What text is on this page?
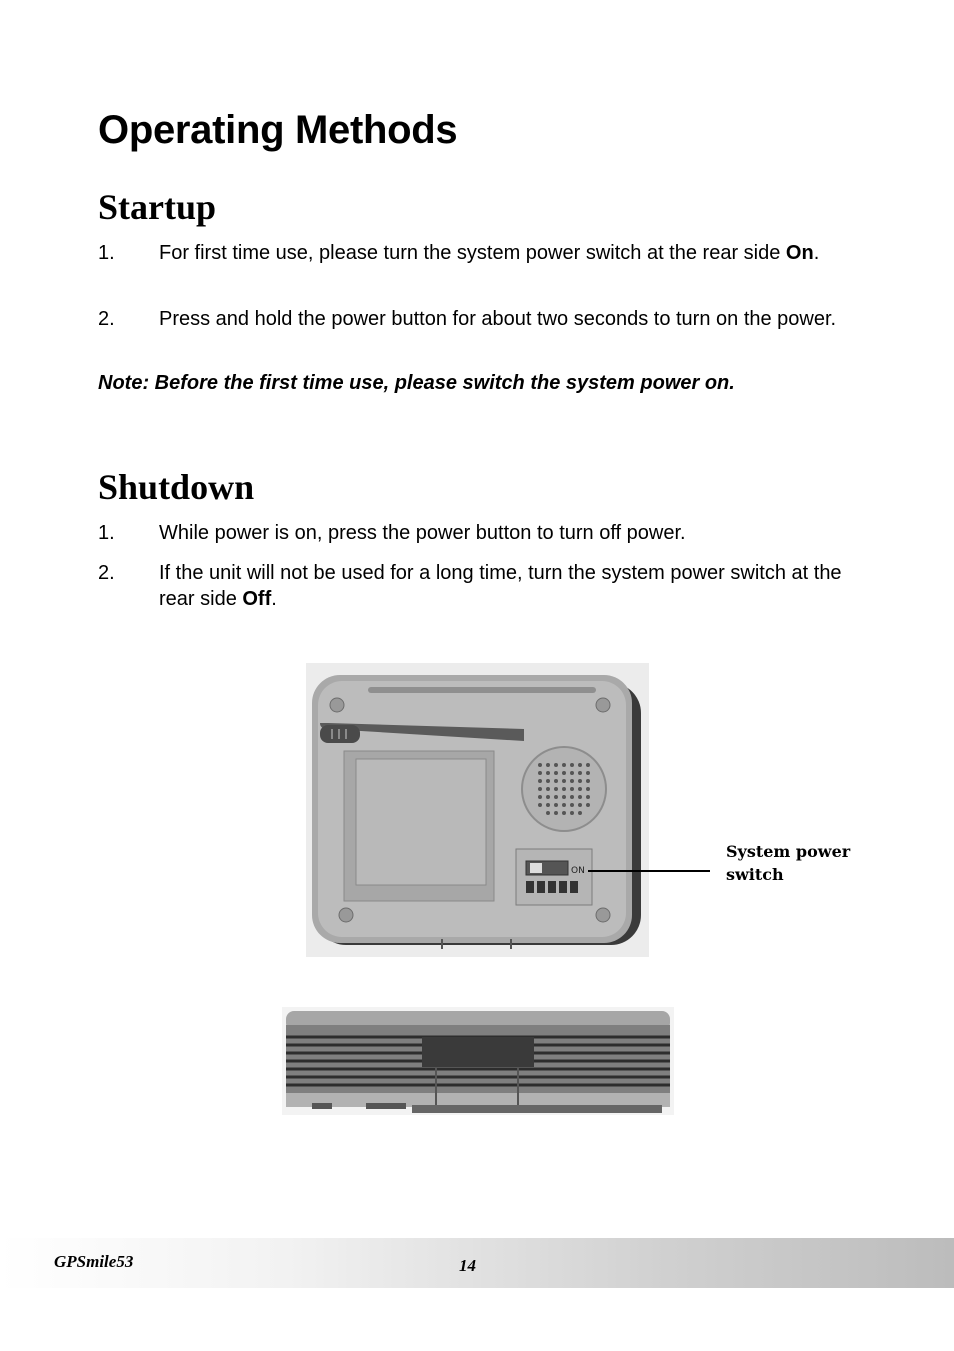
Operating Methods
Startup
1.	For first time use, please turn the system power switch at the rear side On.
2.	Press and hold the power button for about two seconds to turn on the power.
Note: Before the first time use, please switch the system power on.
Shutdown
1.	While power is on, press the power button to turn off power.
2.	If the unit will not be used for a long time, turn the system power switch at the rear side Off.
ON
System power switch
GPSmile53	14
